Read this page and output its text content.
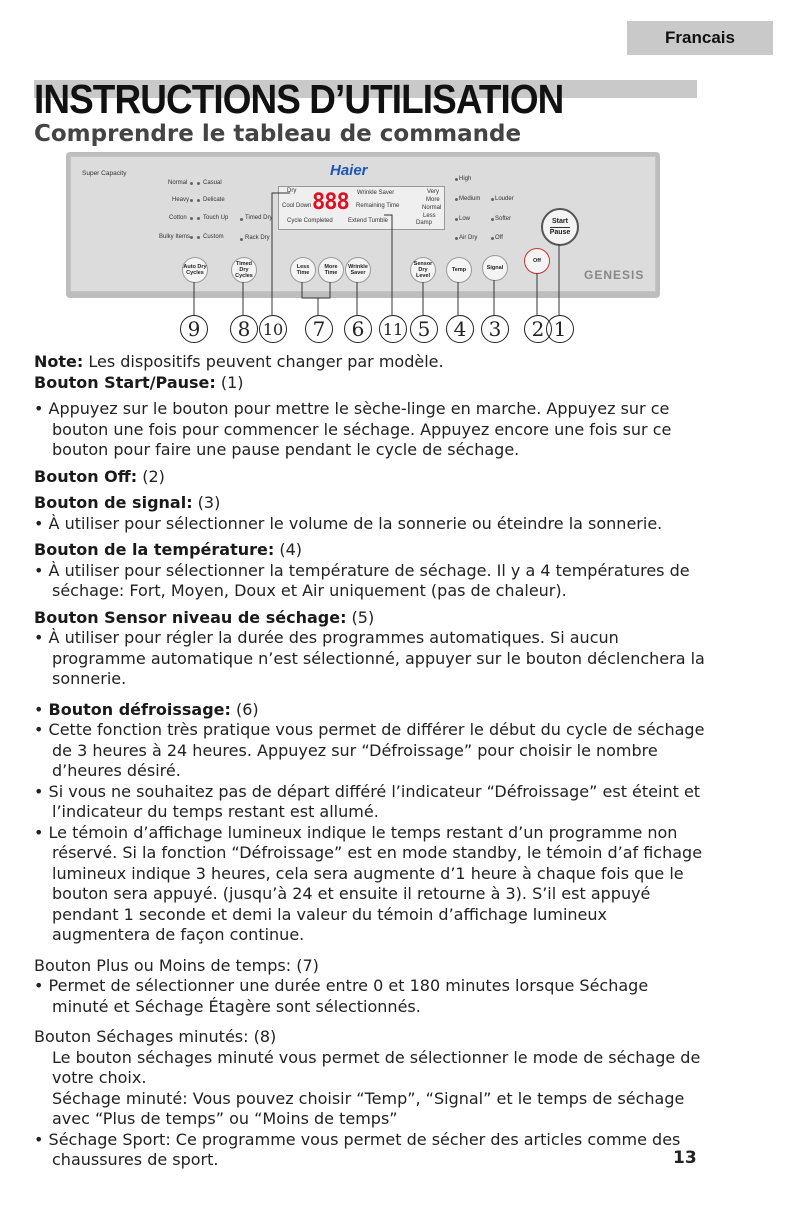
Francais
INSTRUCTIONS D’UTILISATION
Comprendre le tableau de commande
Super Capacity	Haier
Normal
Heavy
Cotton
Bulky Items
Casual
Delicate
Touch Up
Custom
Timed Dry
Rack Dry
888
Dry
Cool Down
Cycle Completed
Wrinkle Saver
Remaining Time
Extend Tumble
Very
More
Normal
Less
Damp
High
Medium
Low
Air Dry
Louder
Softer
Off
Auto Dry Cycles
Timed Dry Cycles
Less Time
More Time
Wrinkle Saver
Sensor Dry Level
Temp	Signal
Off
Start
Pause
GENESIS
9 8 10 7 6 11 5 4 3 2 1

Note: Les dispositifs peuvent changer par modèle.

Bouton Start/Pause: (1)

• Appuyez sur le bouton pour mettre le sèche-linge en marche. Appuyez sur ce bouton une fois pour commencer le séchage. Appuyez encore une fois sur ce bouton pour faire une pause pendant le cycle de séchage.

Bouton Off: (2)

Bouton de signal: (3)

• À utiliser pour sélectionner le volume de la sonnerie ou éteindre la sonnerie.

Bouton de la température: (4)

• À utiliser pour sélectionner la température de séchage. Il y a 4 températures de séchage: Fort, Moyen, Doux et Air uniquement (pas de chaleur).

Bouton Sensor niveau de séchage: (5)

• À utiliser pour régler la durée des programmes automatiques. Si aucun programme automatique n’est sélectionné, appuyer sur le bouton déclenchera la sonnerie.

• Bouton défroissage: (6)

• Cette fonction très pratique vous permet de différer le début du cycle de séchage de 3 heures à 24 heures. Appuyez sur “Défroissage” pour choisir le nombre d’heures désiré.

• Si vous ne souhaitez pas de départ différé l’indicateur “Défroissage” est éteint et l’indicateur du temps restant est allumé.

• Le témoin d’affichage lumineux indique le temps restant d’un programme non réservé. Si la fonction “Défroissage” est en mode standby, le témoin d’af fichage lumineux indique 3 heures, cela sera augmente d’1 heure à chaque fois que le bouton sera appuyé. (jusqu’à 24 et ensuite il retourne à 3). S’il est appuyé pendant 1 seconde et demi la valeur du témoin d’affichage lumineux augmentera de façon continue.

Bouton Plus ou Moins de temps: (7)

• Permet de sélectionner une durée entre 0 et 180 minutes lorsque Séchage minuté et Séchage Étagère sont sélectionnés.

Bouton Séchages minutés: (8)

Le bouton séchages minuté vous permet de sélectionner le mode de séchage de votre choix.

Séchage minuté: Vous pouvez choisir “Temp”, “Signal” et le temps de séchage avec “Plus de temps” ou “Moins de temps”

• Séchage Sport: Ce programme vous permet de sécher des articles comme des chaussures de sport.	13
